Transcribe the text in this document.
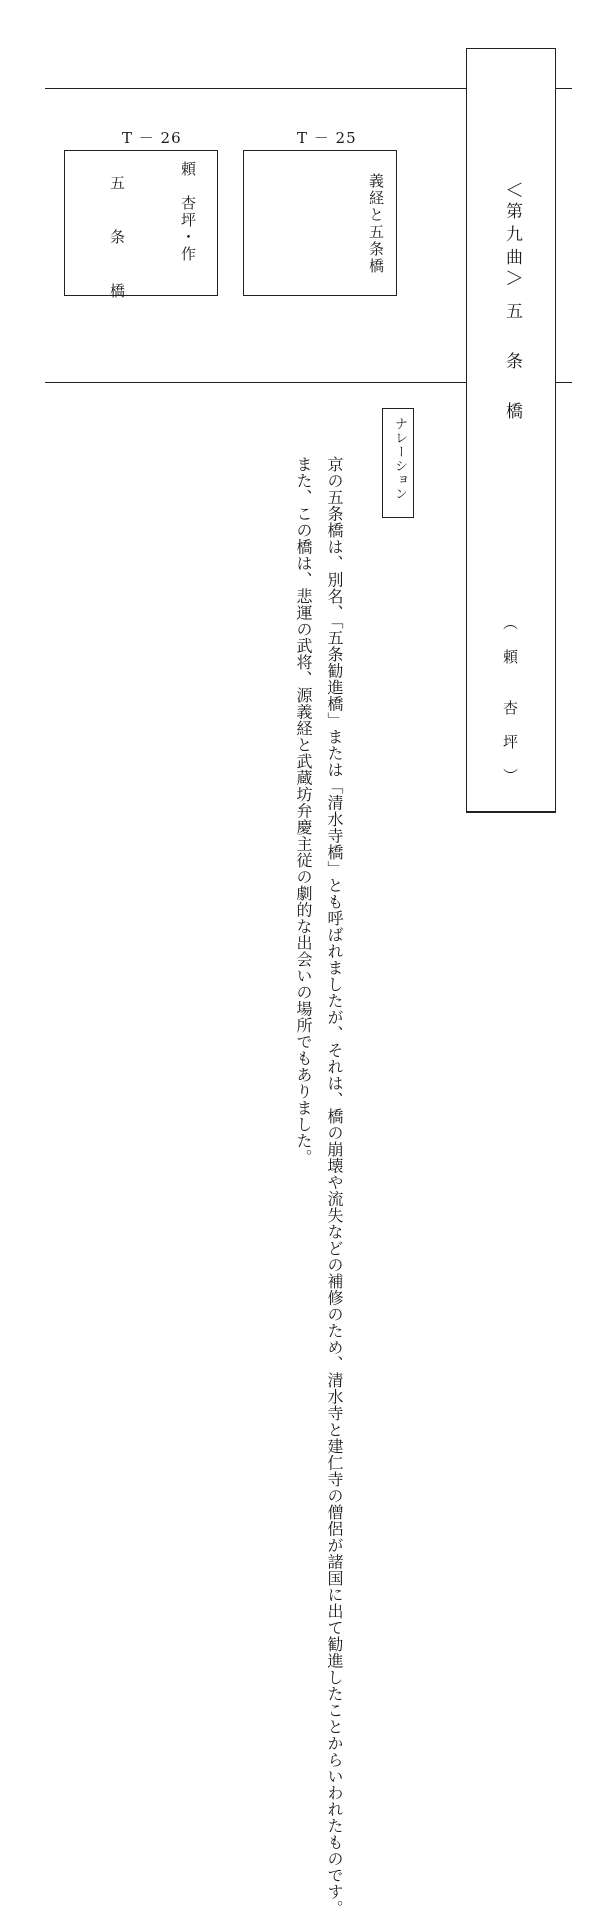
＜
第九曲
＞
五　条　橋
（　頼　　杏　坪　）
T － 26
頼　杏坪・作
五　　条　　橋
T － 25
義経と五条橋
ナレーション

京の五条橋は、別名、「五条勧進橋」または「清水寺橋」とも呼ばれましたが、それは、橋の崩壊や流失などの補修のため、清水寺と建仁寺の僧侶が諸国に出て勧進したことからいわれたものです。

また、この橋は、悲運の武将、源義経と武蔵坊弁慶主従の劇的な出会いの場所でもありました。
